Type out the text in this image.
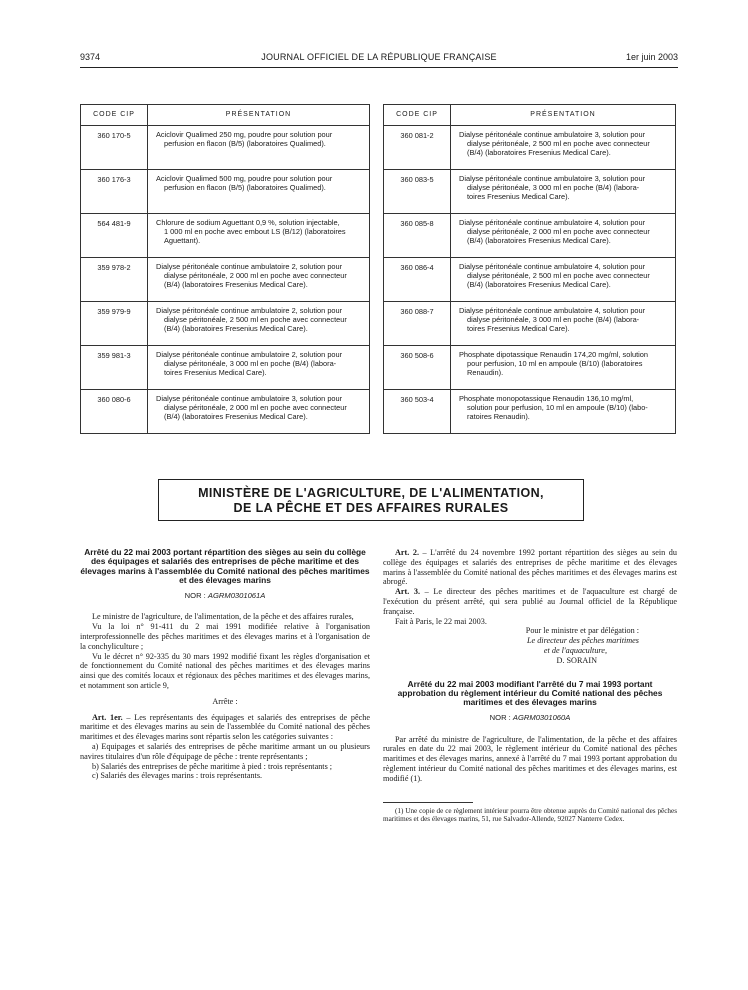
9374	JOURNAL OFFICIEL DE LA RÉPUBLIQUE FRANÇAISE	1er juin 2003
CODE CIP	PRÉSENTATION
360 170-5	Aciclovir Qualimed 250 mg, poudre pour solution pour
perfusion en flacon (B/5) (laboratoires Qualimed).

360 176-3	Aciclovir Qualimed 500 mg, poudre pour solution pour
perfusion en flacon (B/5) (laboratoires Qualimed).

564 481-9	Chlorure de sodium Aguettant 0,9 %, solution injectable,
1 000 ml en poche avec embout LS (B/12) (laboratoires
Aguettant).

359 978-2	Dialyse péritonéale continue ambulatoire 2, solution pour
dialyse péritonéale, 2 000 ml en poche avec connecteur
(B/4) (laboratoires Fresenius Medical Care).

359 979-9	Dialyse péritonéale continue ambulatoire 2, solution pour
dialyse péritonéale, 2 500 ml en poche avec connecteur
(B/4) (laboratoires Fresenius Medical Care).

359 981-3	Dialyse péritonéale continue ambulatoire 2, solution pour
dialyse péritonéale, 3 000 ml en poche (B/4) (labora-
toires Fresenius Medical Care).

360 080-6	Dialyse péritonéale continue ambulatoire 3, solution pour
dialyse péritonéale, 2 000 ml en poche avec connecteur
(B/4) (laboratoires Fresenius Medical Care).
CODE CIP	PRÉSENTATION
360 081-2	Dialyse péritonéale continue ambulatoire 3, solution pour
dialyse péritonéale, 2 500 ml en poche avec connecteur
(B/4) (laboratoires Fresenius Medical Care).

360 083-5	Dialyse péritonéale continue ambulatoire 3, solution pour
dialyse péritonéale, 3 000 ml en poche (B/4) (labora-
toires Fresenius Medical Care).

360 085-8	Dialyse péritonéale continue ambulatoire 4, solution pour
dialyse péritonéale, 2 000 ml en poche avec connecteur
(B/4) (laboratoires Fresenius Medical Care).

360 086-4	Dialyse péritonéale continue ambulatoire 4, solution pour
dialyse péritonéale, 2 500 ml en poche avec connecteur
(B/4) (laboratoires Fresenius Medical Care).

360 088-7	Dialyse péritonéale continue ambulatoire 4, solution pour
dialyse péritonéale, 3 000 ml en poche (B/4) (labora-
toires Fresenius Medical Care).

360 508-6	Phosphate dipotassique Renaudin 174,20 mg/ml, solution
pour perfusion, 10 ml en ampoule (B/10) (laboratoires
Renaudin).

360 503-4	Phosphate monopotassique Renaudin 136,10 mg/ml,
solution pour perfusion, 10 ml en ampoule (B/10) (labo-
ratoires Renaudin).
MINISTÈRE DE L'AGRICULTURE, DE L'ALIMENTATION,
DE LA PÊCHE ET DES AFFAIRES RURALES
Arrêté du 22 mai 2003 portant répartition des sièges au sein du collège des équipages et salariés des entreprises de pêche maritime et des élevages marins à l'assemblée du Comité national des pêches maritimes et des élevages marins
NOR : AGRM0301061A

Le ministre de l'agriculture, de l'alimentation, de la pêche et des affaires rurales,

Vu la loi n° 91-411 du 2 mai 1991 modifiée relative à l'organisation interprofessionnelle des pêches maritimes et des élevages marins et à l'organisation de la conchyliculture ;

Vu le décret n° 92-335 du 30 mars 1992 modifié fixant les règles d'organisation et de fonctionnement du Comité national des pêches maritimes et des élevages marins ainsi que des comités locaux et régionaux des pêches maritimes et des élevages marins, et notamment son article 9,

Arrête :

Art. 1er. – Les représentants des équipages et salariés des entreprises de pêche maritime et des élevages marins au sein de l'assemblée du Comité national des pêches maritimes et des élevages marins sont répartis selon les catégories suivantes :

a) Equipages et salariés des entreprises de pêche maritime armant un ou plusieurs navires titulaires d'un rôle d'équipage de pêche : trente représentants ;

b) Salariés des entreprises de pêche maritime à pied : trois représentants ;

c) Salariés des élevages marins : trois représentants.

Art. 2. – L'arrêté du 24 novembre 1992 portant répartition des sièges au sein du collège des équipages et salariés des entreprises de pêche maritime et des élevages marins à l'assemblée du Comité national des pêches maritimes et des élevages marins est abrogé.

Art. 3. – Le directeur des pêches maritimes et de l'aquaculture est chargé de l'exécution du présent arrêté, qui sera publié au Journal officiel de la République française.

Fait à Paris, le 22 mai 2003.

Pour le ministre et par délégation :

Le directeur des pêches maritimes

et de l'aquaculture,

D. SORAIN

Arrêté du 22 mai 2003 modifiant l'arrêté du 7 mai 1993 portant approbation du règlement intérieur du Comité national des pêches maritimes et des élevages marins
NOR : AGRM0301060A

Par arrêté du ministre de l'agriculture, de l'alimentation, de la pêche et des affaires rurales en date du 22 mai 2003, le règlement intérieur du Comité national des pêches maritimes et des élevages marins, annexé à l'arrêté du 7 mai 1993 portant approbation du règlement intérieur du Comité national des pêches maritimes et des élevages marins, est modifié (1).

(1) Une copie de ce règlement intérieur pourra être obtenue auprès du Comité national des pêches maritimes et des élevages marins, 51, rue Salvador-Allende, 92027 Nanterre Cedex.
